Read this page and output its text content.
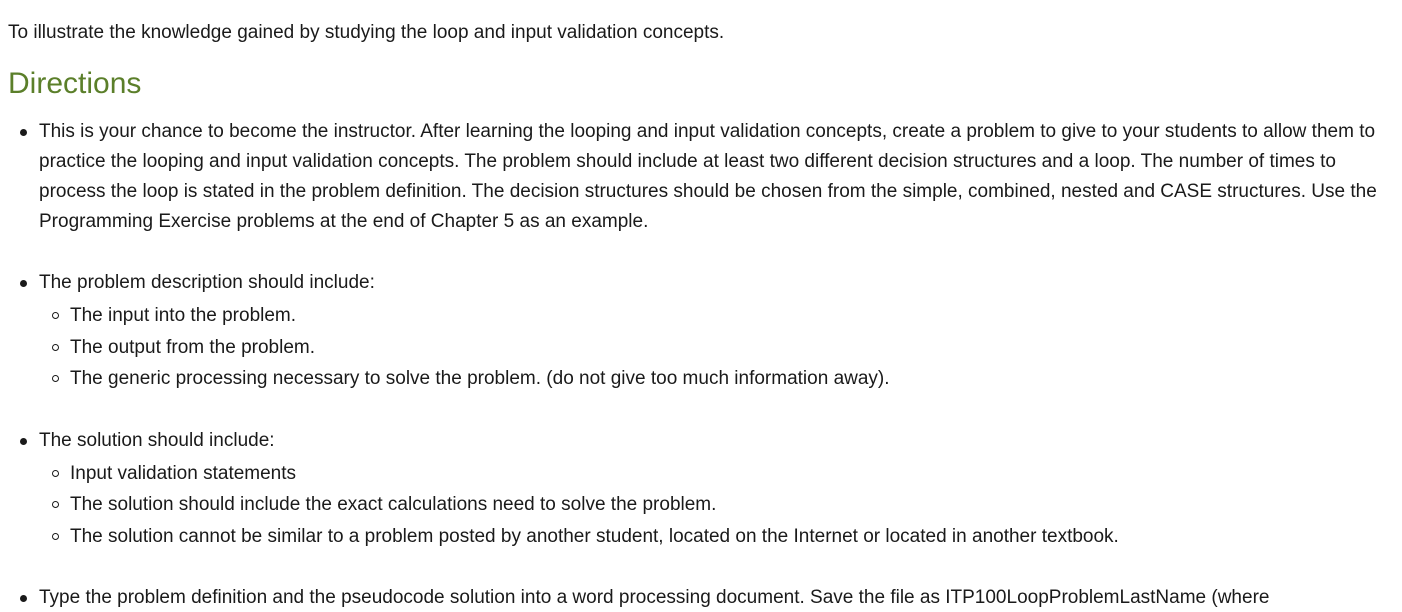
To illustrate the knowledge gained by studying the loop and input validation concepts.

Directions
This is your chance to become the instructor. After learning the looping and input validation concepts, create a problem to give to your students to allow them to practice the looping and input validation concepts. The problem should include at least two different decision structures and a loop. The number of times to process the loop is stated in the problem definition. The decision structures should be chosen from the simple, combined, nested and CASE structures. Use the Programming Exercise problems at the end of Chapter 5 as an example.
The problem description should include:
The input into the problem.
The output from the problem.
The generic processing necessary to solve the problem. (do not give too much information away).
The solution should include:
Input validation statements
The solution should include the exact calculations need to solve the problem.
The solution cannot be similar to a problem posted by another student, located on the Internet or located in another textbook.
Type the problem definition and the pseudocode solution into a word processing document. Save the file as ITP100LoopProblemLastName (where
